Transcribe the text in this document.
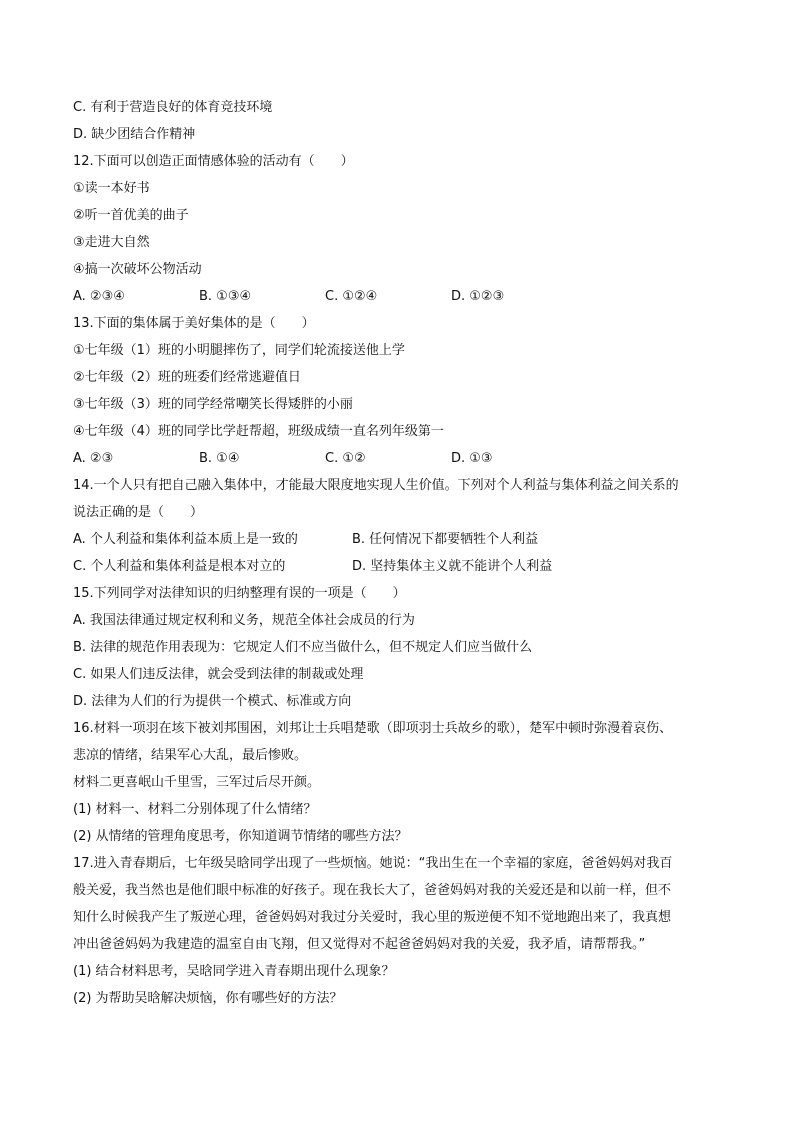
C. 有利于营造良好的体育竞技环境
D. 缺少团结合作精神
12.下面可以创造正面情感体验的活动有（　　）
①读一本好书
②听一首优美的曲子
③走进大自然
④搞一次破坏公物活动
A. ②③④	B. ①③④	C. ①②④	D. ①②③
13.下面的集体属于美好集体的是（　　）
①七年级（1）班的小明腿摔伤了，同学们轮流接送他上学
②七年级（2）班的班委们经常逃避值日
③七年级（3）班的同学经常嘲笑长得矮胖的小丽
④七年级（4）班的同学比学赶帮超，班级成绩一直名列年级第一
A. ②③	B. ①④	C. ①②	D. ①③
14.一个人只有把自己融入集体中，才能最大限度地实现人生价值。下列对个人利益与集体利益之间关系的
说法正确的是（　　）
A. 个人利益和集体利益本质上是一致的	B. 任何情况下都要牺牲个人利益
C. 个人利益和集体利益是根本对立的	D. 坚持集体主义就不能讲个人利益
15.下列同学对法律知识的归纳整理有误的一项是（　　）
A. 我国法律通过规定权利和义务，规范全体社会成员的行为
B. 法律的规范作用表现为：它规定人们不应当做什么，但不规定人们应当做什么
C. 如果人们违反法律，就会受到法律的制裁或处理
D. 法律为人们的行为提供一个模式、标准或方向
16.材料一项羽在垓下被刘邦围困，刘邦让士兵唱楚歌（即项羽士兵故乡的歌），楚军中顿时弥漫着哀伤、
悲凉的情绪，结果军心大乱，最后惨败。
材料二更喜岷山千里雪，三军过后尽开颜。
(1) 材料一、材料二分别体现了什么情绪？
(2) 从情绪的管理角度思考，你知道调节情绪的哪些方法？
17.进入青春期后，七年级吴晗同学出现了一些烦恼。她说：“我出生在一个幸福的家庭，爸爸妈妈对我百
般关爱，我当然也是他们眼中标准的好孩子。现在我长大了，爸爸妈妈对我的关爱还是和以前一样，但不
知什么时候我产生了叛逆心理，爸爸妈妈对我过分关爱时，我心里的叛逆便不知不觉地跑出来了，我真想
冲出爸爸妈妈为我建造的温室自由飞翔，但又觉得对不起爸爸妈妈对我的关爱，我矛盾，请帮帮我。”
(1) 结合材料思考，吴晗同学进入青春期出现什么现象？
(2) 为帮助吴晗解决烦恼，你有哪些好的方法？
